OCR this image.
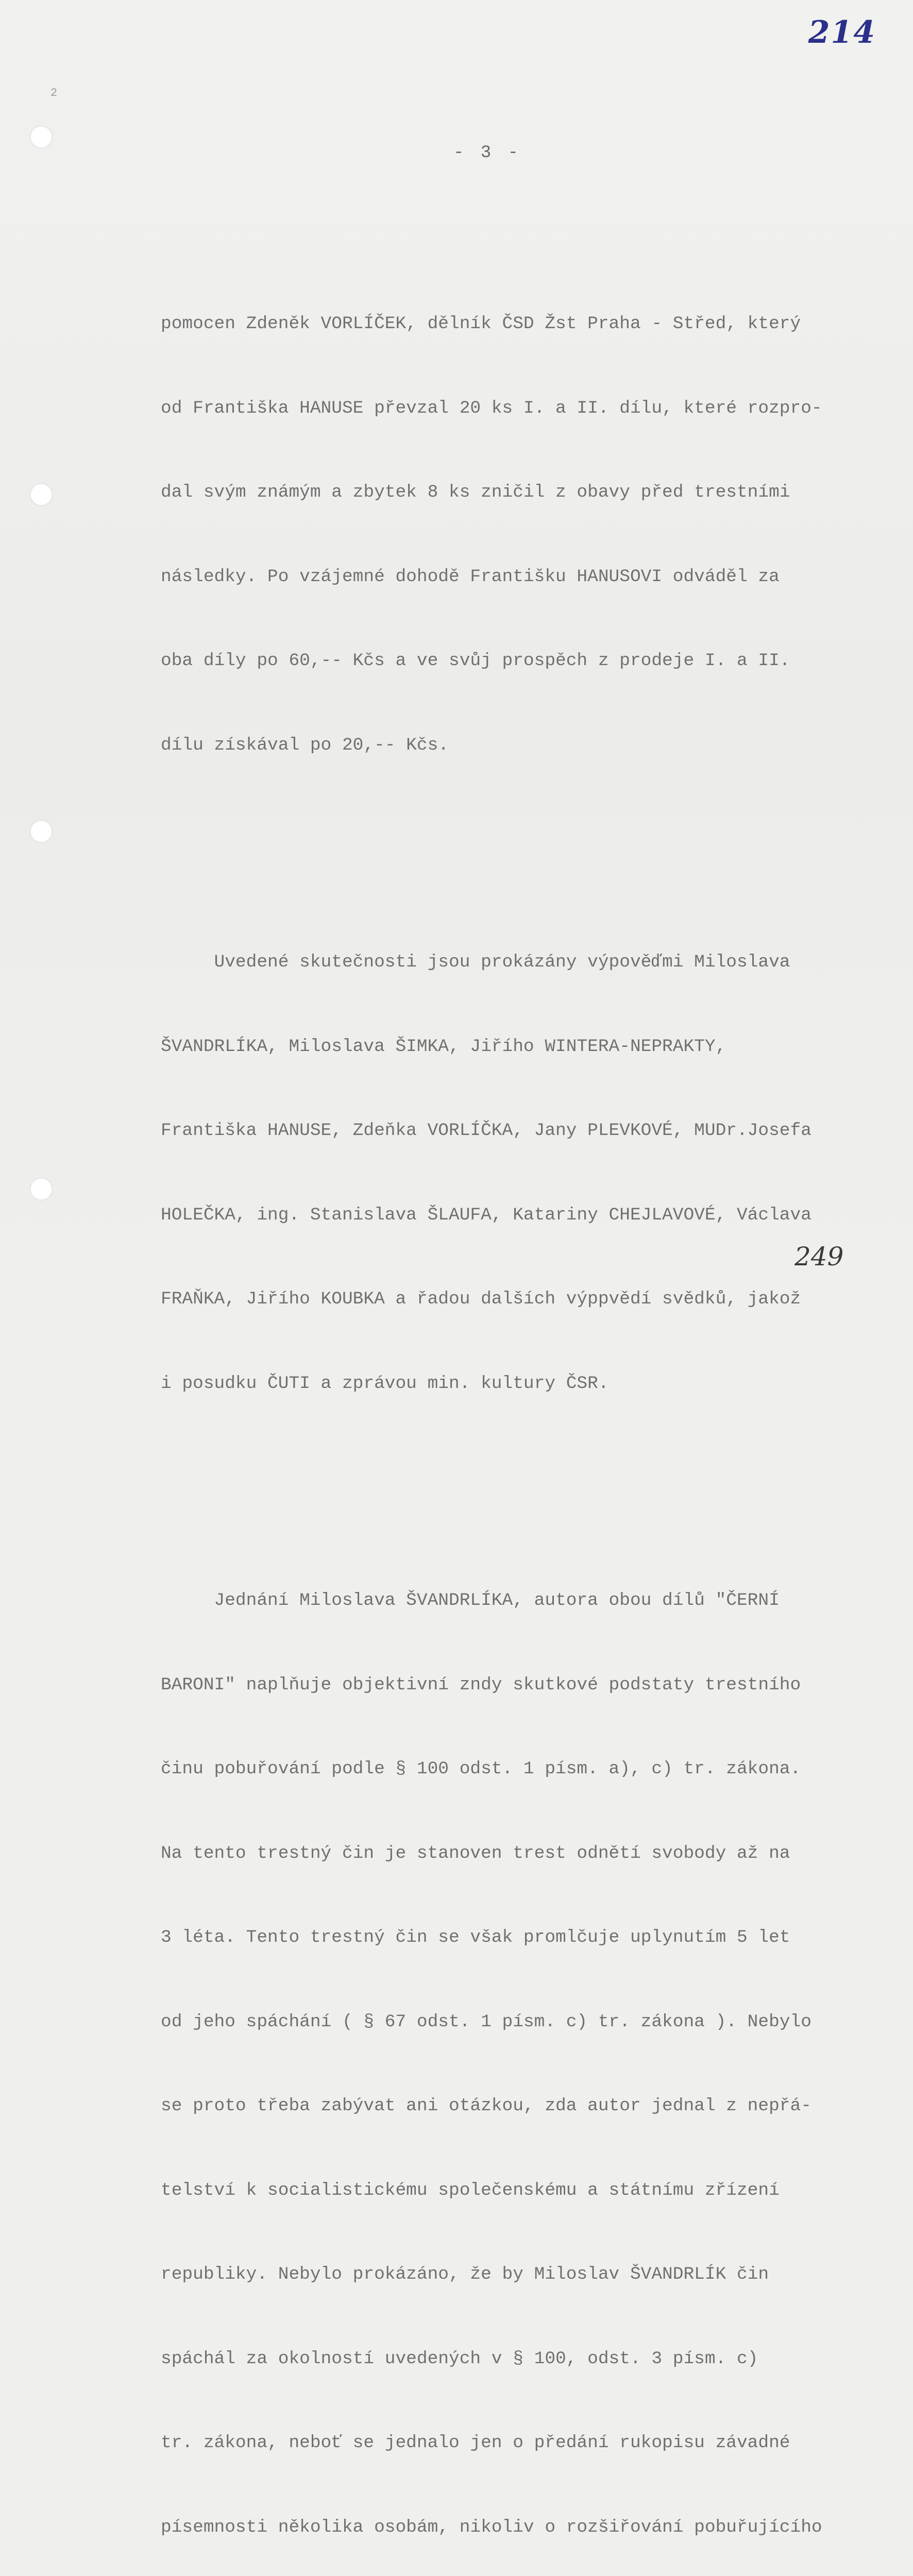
2
214
- 3 -

pomocen Zdeněk VORLÍČEK, dělník ČSD Žst Praha - Střed, který

od Františka HANUSE převzal 20 ks I. a II. dílu, které rozpro-

dal svým známým a zbytek 8 ks zničil z obavy před trestními

následky. Po vzájemné dohodě Františku HANUSOVI odváděl za

oba díly po 60,-- Kčs a ve svůj prospěch z prodeje I. a II.

dílu získával po 20,-- Kčs.

Uvedené skutečnosti jsou prokázány výpověďmi Miloslava

ŠVANDRLÍKA, Miloslava ŠIMKA, Jiřího WINTERA-NEPRAKTY,

Františka HANUSE, Zdeňka VORLÍČKA, Jany PLEVKOVÉ, MUDr.Josefa

HOLEČKA, ing. Stanislava ŠLAUFA, Katariny CHEJLAVOVÉ, Václava

FRAŇKA, Jiřího KOUBKA a řadou dalších výppvědí svědků, jakož

i posudku ČUTI a zprávou min. kultury ČSR.

Jednání Miloslava ŠVANDRLÍKA, autora obou dílů "ČERNÍ

BARONI" naplňuje objektivní zndy skutkové podstaty trestního

činu pobuřování podle § 100 odst. 1 písm. a), c) tr. zákona.

Na tento trestný čin je stanoven trest odnětí svobody až na

3 léta. Tento trestný čin se však promlčuje uplynutím 5 let

od jeho spáchání ( § 67 odst. 1 písm. c) tr. zákona ). Nebylo

se proto třeba zabývat ani otázkou, zda autor jednal z nepřá-

telství k socialistickému společenskému a státnímu zřízení

republiky. Nebylo prokázáno, že by Miloslav ŠVANDRLÍK čin

spáchál za okolností uvedených v § 100, odst. 3 písm. c)

tr. zákona, neboť se jednalo jen o předání rukopisu závadné

písemnosti několika osobám, nikoliv o rozšiřování pobuřujícího

249
